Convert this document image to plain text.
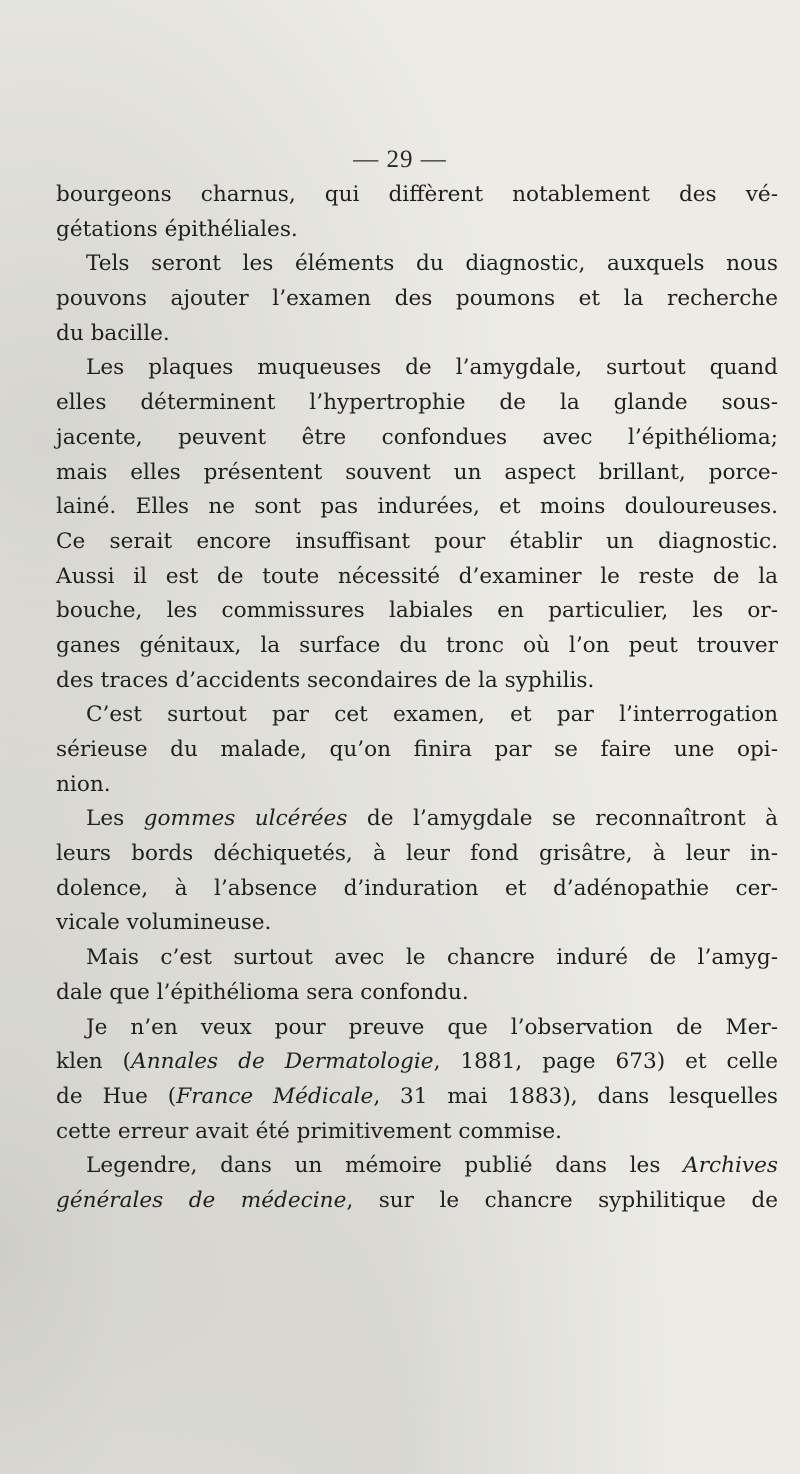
— 29 —
bourgeons charnus, qui diffèrent notablement des vé-
gétations épithéliales.
Tels seront les éléments du diagnostic, auxquels nous
pouvons ajouter l’examen des poumons et la recherche
du bacille.
Les plaques muqueuses de l’amygdale, surtout quand
elles déterminent l’hypertrophie de la glande sous-
jacente, peuvent être confondues avec l’épithélioma;
mais elles présentent souvent un aspect brillant, porce-
lainé. Elles ne sont pas indurées, et moins douloureuses.
Ce serait encore insuffisant pour établir un diagnostic.
Aussi il est de toute nécessité d’examiner le reste de la
bouche, les commissures labiales en particulier, les or-
ganes génitaux, la surface du tronc où l’on peut trouver
des traces d’accidents secondaires de la syphilis.
C’est surtout par cet examen, et par l’interrogation
sérieuse du malade, qu’on finira par se faire une opi-
nion.
Les gommes ulcérées de l’amygdale se reconnaîtront à
leurs bords déchiquetés, à leur fond grisâtre, à leur in-
dolence, à l’absence d’induration et d’adénopathie cer-
vicale volumineuse.
Mais c’est surtout avec le chancre induré de l’amyg-
dale que l’épithélioma sera confondu.
Je n’en veux pour preuve que l’observation de Mer-
klen (Annales de Dermatologie, 1881, page 673) et celle
de Hue (France Médicale, 31 mai 1883), dans lesquelles
cette erreur avait été primitivement commise.
Legendre, dans un mémoire publié dans les Archives
générales de médecine, sur le chancre syphilitique de
